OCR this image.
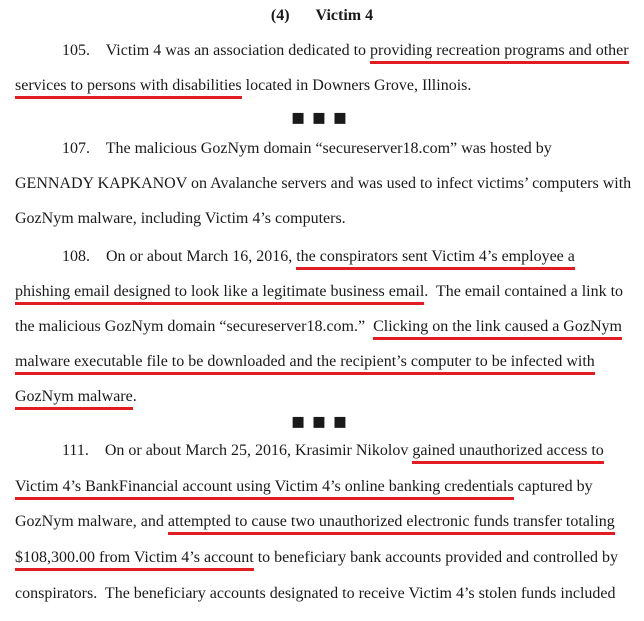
(4) Victim 4
105.    Victim 4 was an association dedicated to providing recreation programs and other
services to persons with disabilities located in Downers Grove, Illinois.
▪▪▪
107.    The malicious GozNym domain “secureserver18.com” was hosted by
GENNADY KAPKANOV on Avalanche servers and was used to infect victims’ computers with
GozNym malware, including Victim 4’s computers.
108.    On or about March 16, 2016, the conspirators sent Victim 4’s employee a
phishing email designed to look like a legitimate business email.  The email contained a link to
the malicious GozNym domain “secureserver18.com.”  Clicking on the link caused a GozNym
malware executable file to be downloaded and the recipient’s computer to be infected with
GozNym malware.
▪▪▪
111.    On or about March 25, 2016, Krasimir Nikolov gained unauthorized access to
Victim 4’s BankFinancial account using Victim 4’s online banking credentials captured by
GozNym malware, and attempted to cause two unauthorized electronic funds transfer totaling
$108,300.00 from Victim 4’s account to beneficiary bank accounts provided and controlled by
conspirators.  The beneficiary accounts designated to receive Victim 4’s stolen funds included
